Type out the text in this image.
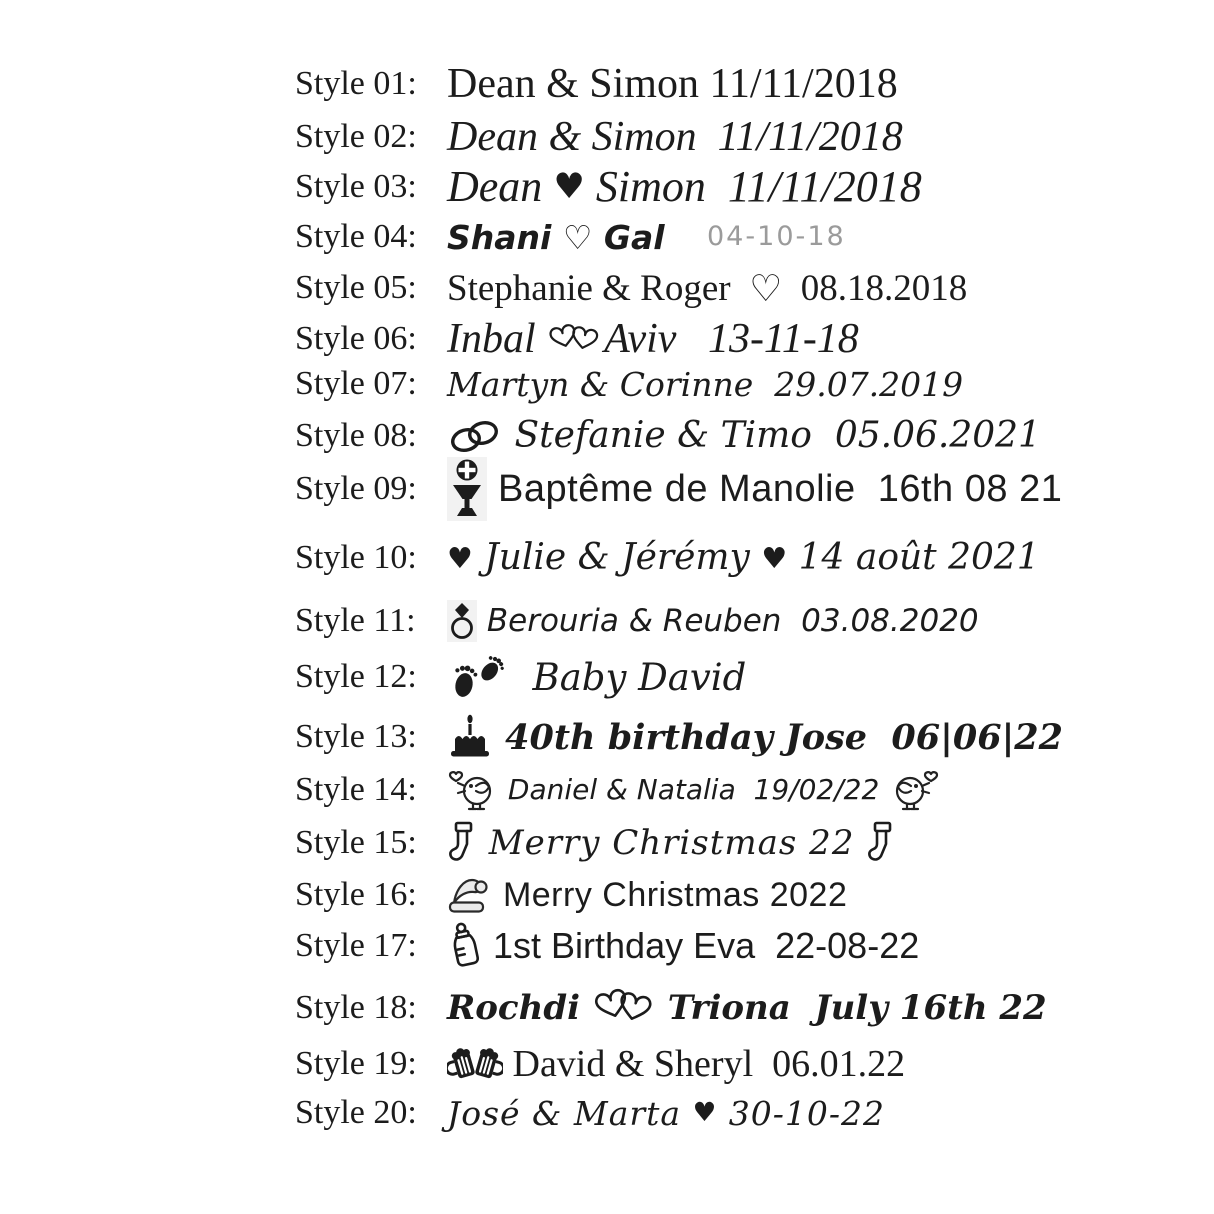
Style 01: Dean & Simon 11/11/2018
Style 02: Dean & Simon  11/11/2018
Style 03: Dean ♥ Simon  11/11/2018
Style 04: Shani ♡ Gal 04-10-18
Style 05: Stephanie & Roger ♡ 08.18.2018
Style 06: Inbal Aviv   13-11-18
Style 07: Martyn & Corinne  29.07.2019
Style 08:	Stefanie & Timo  05.06.2021
Style 09:	Baptême de Manolie  16th 08 21
Style 10:	♥ Julie & Jérémy ♥ 14 août 2021
Style 11:	Berouria & Reuben  03.08.2020
Style 12:	Baby David
Style 13:	40th birthday Jose  06|06|22
Style 14:	Daniel & Natalia  19/02/22
Style 15:	Merry Christmas 22
Style 16:	Merry Christmas 2022
Style 17:	1st Birthday Eva  22-08-22
Style 18: Rochdi Triona  July 16th 22
Style 19:	David & Sheryl  06.01.22
Style 20: José & Marta ♥ 30-10-22
